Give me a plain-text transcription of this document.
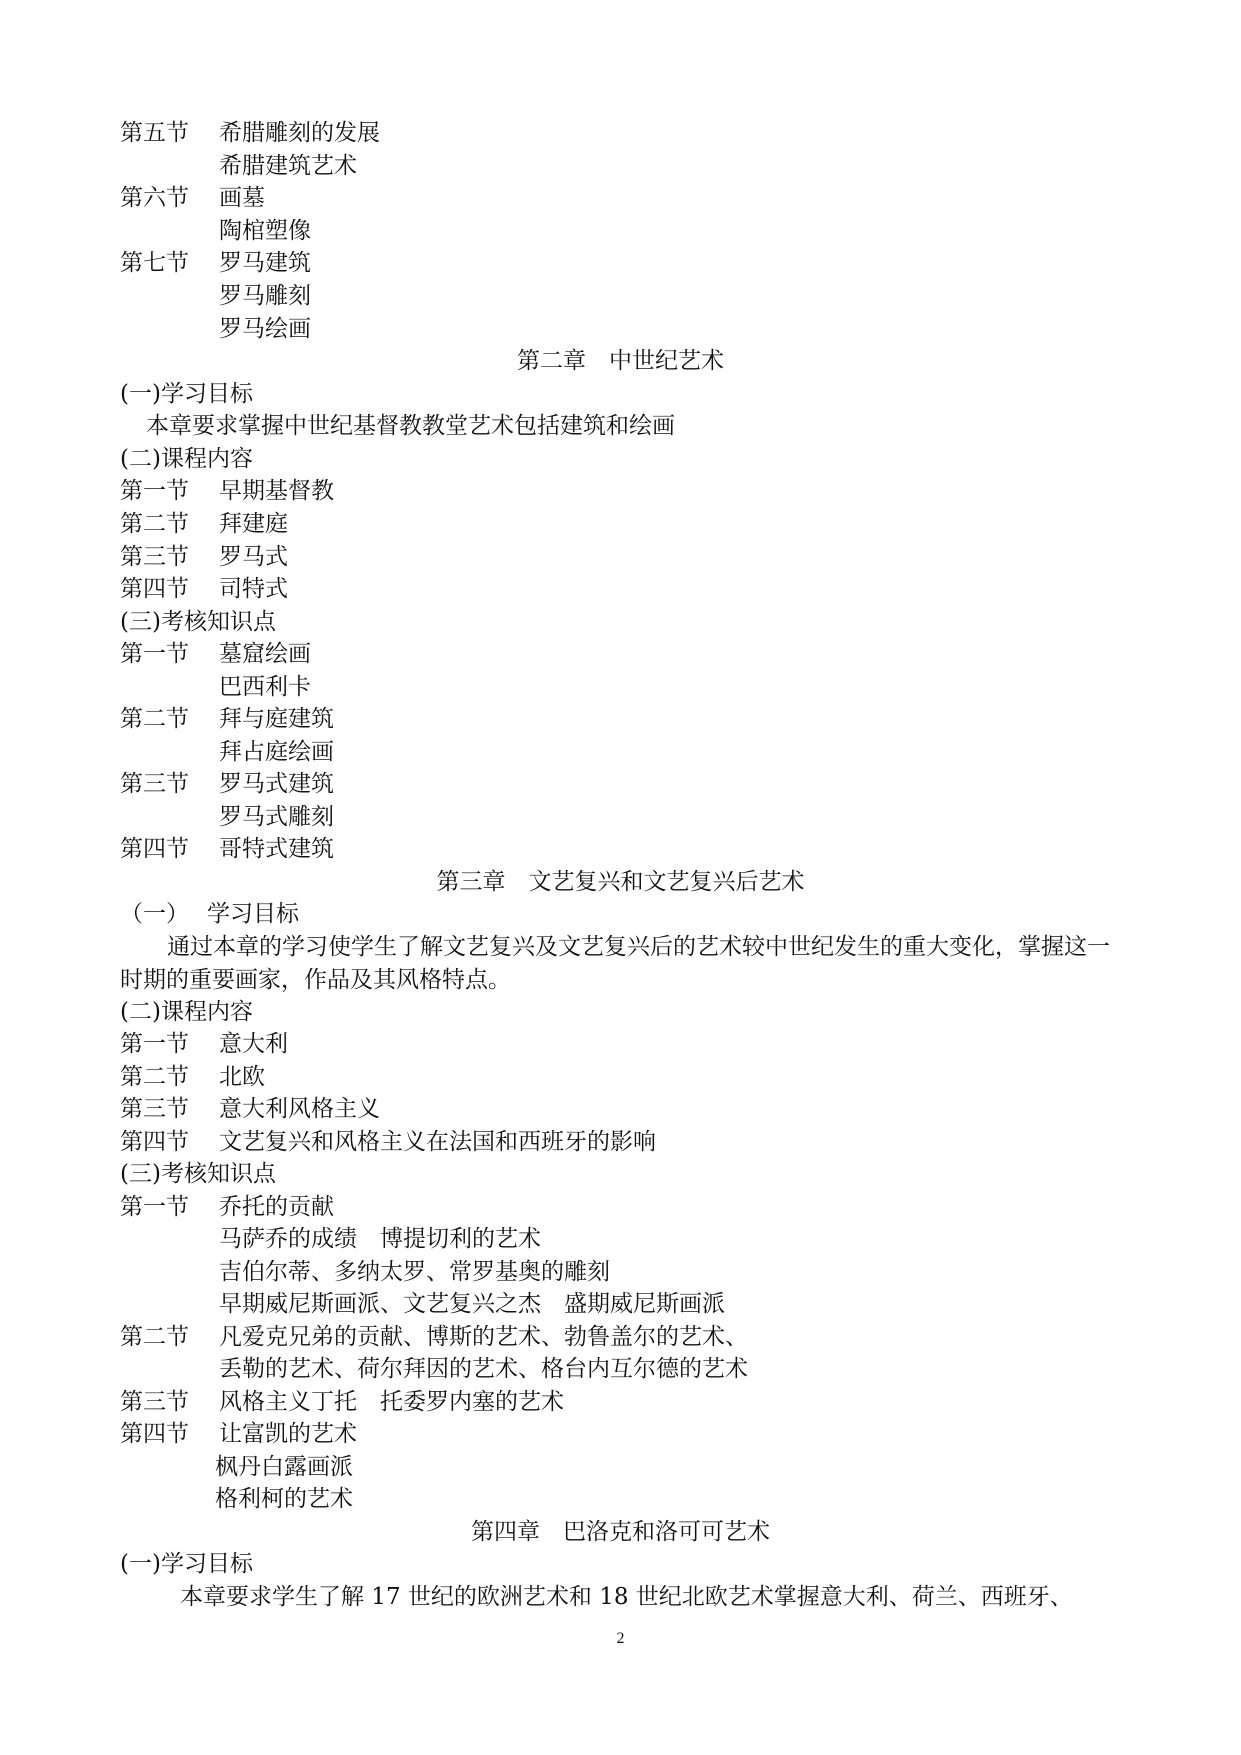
第五节 希腊雕刻的发展
希腊建筑艺术
第六节 画墓
陶棺塑像
第七节 罗马建筑
罗马雕刻
罗马绘画
第二章　中世纪艺术
(一)学习目标
本章要求掌握中世纪基督教教堂艺术包括建筑和绘画
(二)课程内容
第一节 早期基督教
第二节 拜建庭
第三节 罗马式
第四节 司特式
(三)考核知识点
第一节 墓窟绘画
巴西利卡
第二节 拜与庭建筑
拜占庭绘画
第三节 罗马式建筑
罗马式雕刻
第四节 哥特式建筑
第三章　文艺复兴和文艺复兴后艺术
（一） 学习目标
通过本章的学习使学生了解文艺复兴及文艺复兴后的艺术较中世纪发生的重大变化，掌握这一时期的重要画家，作品及其风格特点。
(二)课程内容
第一节 意大利
第二节 北欧
第三节 意大利风格主义
第四节 文艺复兴和风格主义在法国和西班牙的影响
(三)考核知识点
第一节 乔托的贡献
马萨乔的成绩　博提切利的艺术
吉伯尔蒂、多纳太罗、常罗基奥的雕刻
早期威尼斯画派、文艺复兴之杰　盛期威尼斯画派
第二节 凡爱克兄弟的贡献、博斯的艺术、勃鲁盖尔的艺术、
丢勒的艺术、荷尔拜因的艺术、格台内互尔德的艺术
第三节 风格主义丁托　托委罗内塞的艺术
第四节 让富凯的艺术
枫丹白露画派
格利柯的艺术
第四章　巴洛克和洛可可艺术
(一)学习目标
本章要求学生了解 17 世纪的欧洲艺术和 18 世纪北欧艺术掌握意大利、荷兰、西班牙、
2
